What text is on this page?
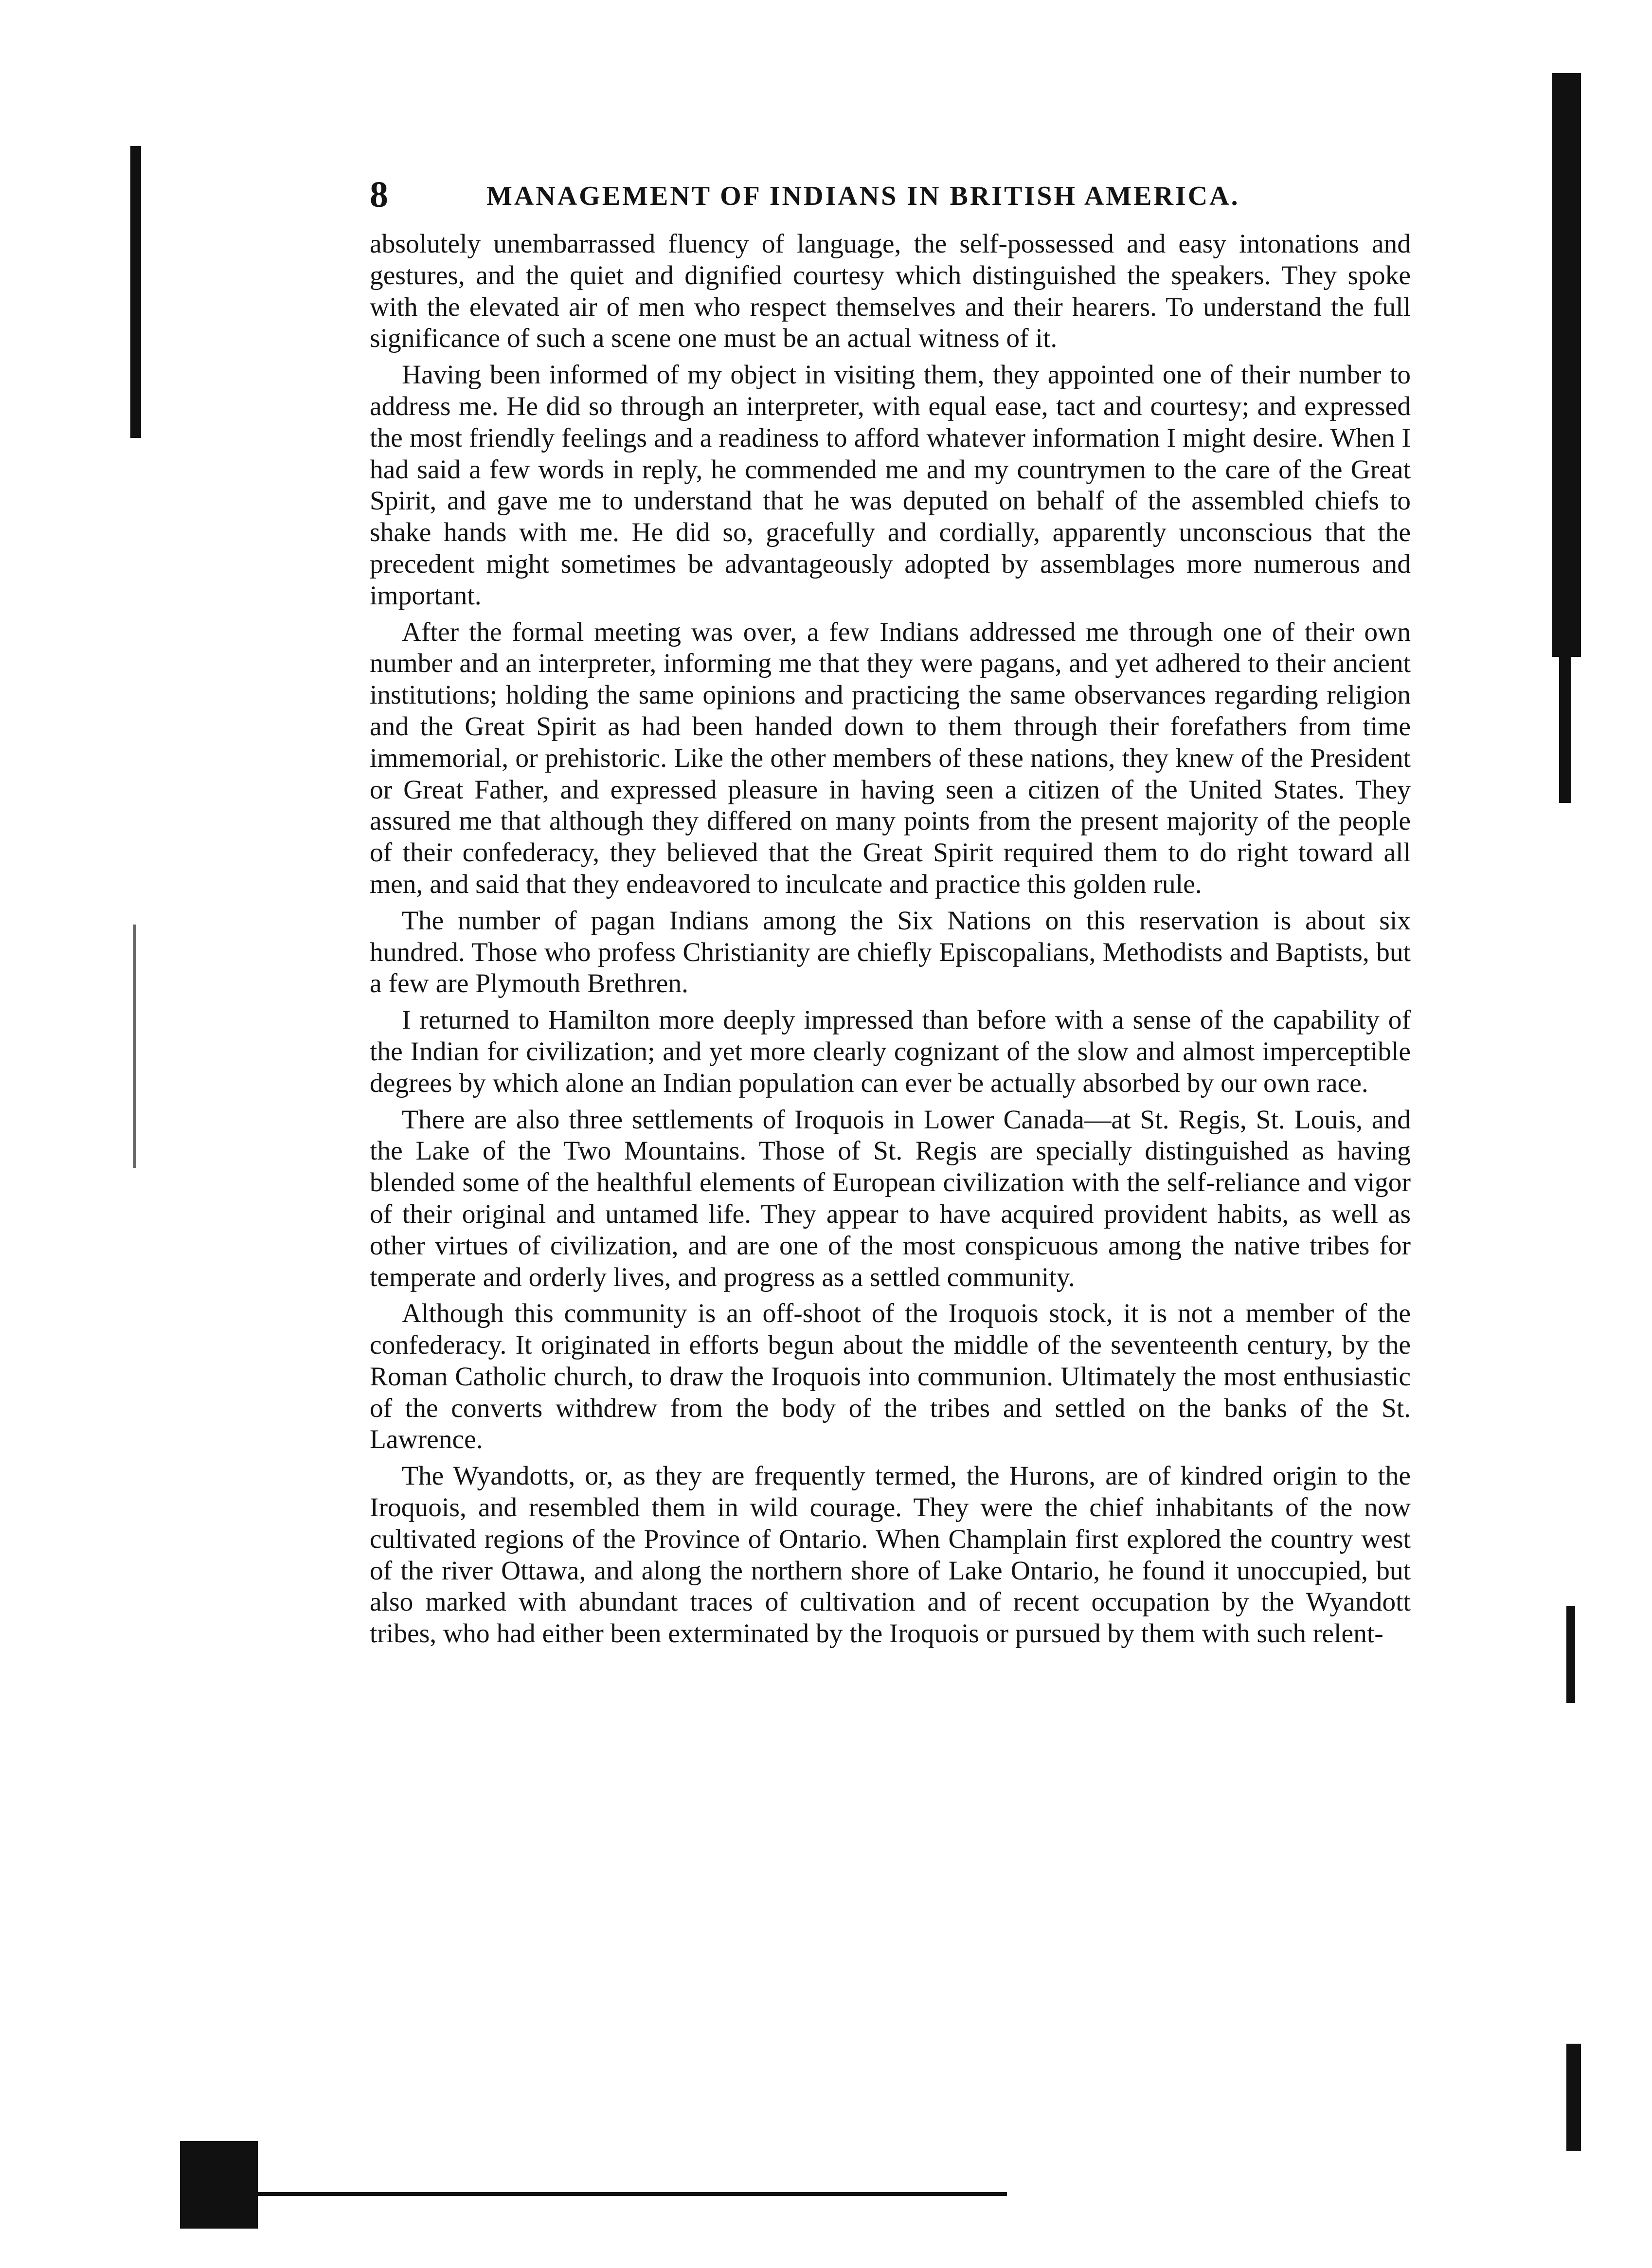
8	MANAGEMENT OF INDIANS IN BRITISH AMERICA.

absolutely unembarrassed fluency of language, the self-possessed and easy intonations and gestures, and the quiet and dignified courtesy which distinguished the speakers. They spoke with the elevated air of men who respect themselves and their hearers. To understand the full significance of such a scene one must be an actual witness of it.

Having been informed of my object in visiting them, they appointed one of their number to address me. He did so through an interpreter, with equal ease, tact and courtesy; and expressed the most friendly feelings and a readiness to afford whatever information I might desire. When I had said a few words in reply, he commended me and my countrymen to the care of the Great Spirit, and gave me to understand that he was deputed on behalf of the assembled chiefs to shake hands with me. He did so, gracefully and cordially, apparently unconscious that the precedent might sometimes be advantageously adopted by assemblages more numerous and important.

After the formal meeting was over, a few Indians addressed me through one of their own number and an interpreter, informing me that they were pagans, and yet adhered to their ancient institutions; holding the same opinions and practicing the same observances regarding religion and the Great Spirit as had been handed down to them through their forefathers from time immemorial, or prehistoric. Like the other members of these nations, they knew of the President or Great Father, and expressed pleasure in having seen a citizen of the United States. They assured me that although they differed on many points from the present majority of the people of their confederacy, they believed that the Great Spirit required them to do right toward all men, and said that they endeavored to inculcate and practice this golden rule.

The number of pagan Indians among the Six Nations on this reservation is about six hundred. Those who profess Christianity are chiefly Episcopalians, Methodists and Baptists, but a few are Plymouth Brethren.

I returned to Hamilton more deeply impressed than before with a sense of the capability of the Indian for civilization; and yet more clearly cognizant of the slow and almost imperceptible degrees by which alone an Indian population can ever be actually absorbed by our own race.

There are also three settlements of Iroquois in Lower Canada—at St. Regis, St. Louis, and the Lake of the Two Mountains. Those of St. Regis are specially distinguished as having blended some of the healthful elements of European civilization with the self-reliance and vigor of their original and untamed life. They appear to have acquired provident habits, as well as other virtues of civilization, and are one of the most conspicuous among the native tribes for temperate and orderly lives, and progress as a settled community.

Although this community is an off-shoot of the Iroquois stock, it is not a member of the confederacy. It originated in efforts begun about the middle of the seventeenth century, by the Roman Catholic church, to draw the Iroquois into communion. Ultimately the most enthusiastic of the converts withdrew from the body of the tribes and settled on the banks of the St. Lawrence.

The Wyandotts, or, as they are frequently termed, the Hurons, are of kindred origin to the Iroquois, and resembled them in wild courage. They were the chief inhabitants of the now cultivated regions of the Province of Ontario. When Champlain first explored the country west of the river Ottawa, and along the northern shore of Lake Ontario, he found it unoccupied, but also marked with abundant traces of cultivation and of recent occupation by the Wyandott tribes, who had either been exterminated by the Iroquois or pursued by them with such relent-
